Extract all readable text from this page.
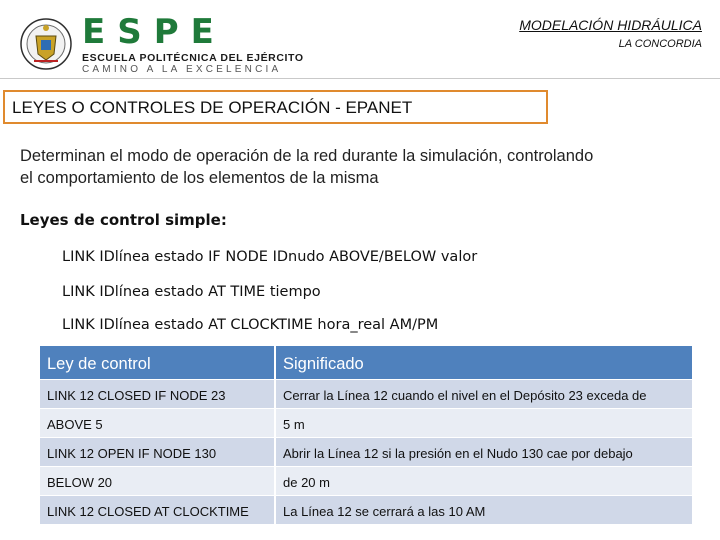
ESPE
ESCUELA POLITÉCNICA DEL EJÉRCITO
CAMINO A LA EXCELENCIA
MODELACIÓN HIDRÁULICA
LA CONCORDIA
LEYES O CONTROLES DE OPERACIÓN - EPANET
Determinan el modo de operación de la red durante la simulación, controlando
el comportamiento de los elementos de la misma
Leyes de control simple:
LINK IDlínea estado IF NODE IDnudo ABOVE/BELOW valor
LINK IDlínea estado AT TIME tiempo
LINK IDlínea estado AT CLOCKTIME hora_real AM/PM
Ley de control	Significado
LINK 12 CLOSED IF NODE 23	Cerrar la Línea 12 cuando el nivel en el Depósito 23 exceda de
ABOVE 5	5 m
LINK 12 OPEN IF NODE 130	Abrir la Línea 12 si la presión en el Nudo 130 cae por debajo
BELOW 20	de 20 m
LINK 12 CLOSED AT CLOCKTIME	La Línea 12 se cerrará a las 10 AM
